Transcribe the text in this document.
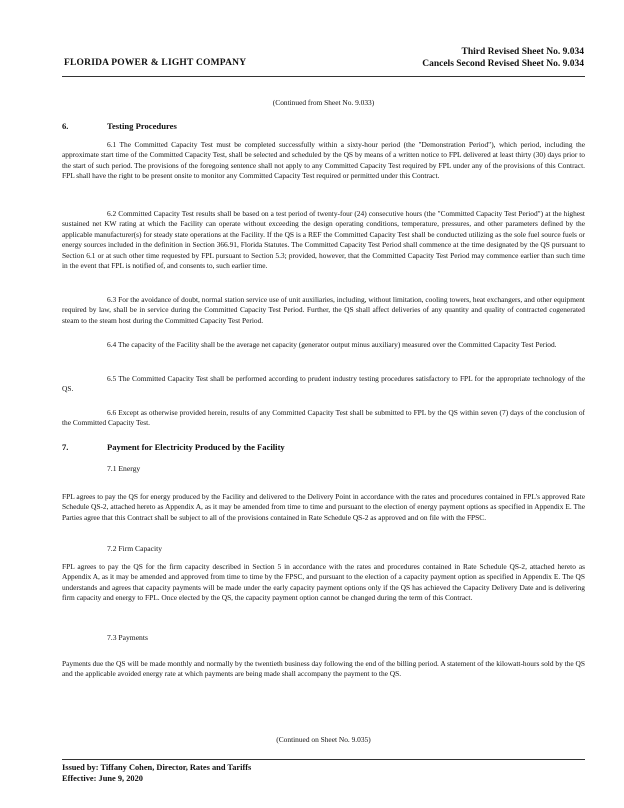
FLORIDA POWER & LIGHT COMPANY
Third Revised Sheet No. 9.034
Cancels Second Revised Sheet No. 9.034
(Continued from Sheet No. 9.033)
6.	Testing Procedures
6.1 The Committed Capacity Test must be completed successfully within a sixty-hour period (the "Demonstration Period"), which period, including the approximate start time of the Committed Capacity Test, shall be selected and scheduled by the QS by means of a written notice to FPL delivered at least thirty (30) days prior to the start of such period. The provisions of the foregoing sentence shall not apply to any Committed Capacity Test required by FPL under any of the provisions of this Contract. FPL shall have the right to be present onsite to monitor any Committed Capacity Test required or permitted under this Contract.
6.2 Committed Capacity Test results shall be based on a test period of twenty-four (24) consecutive hours (the "Committed Capacity Test Period") at the highest sustained net KW rating at which the Facility can operate without exceeding the design operating conditions, temperature, pressures, and other parameters defined by the applicable manufacturer(s) for steady state operations at the Facility. If the QS is a REF the Committed Capacity Test shall be conducted utilizing as the sole fuel source fuels or energy sources included in the definition in Section 366.91, Florida Statutes. The Committed Capacity Test Period shall commence at the time designated by the QS pursuant to Section 6.1 or at such other time requested by FPL pursuant to Section 5.3; provided, however, that the Committed Capacity Test Period may commence earlier than such time in the event that FPL is notified of, and consents to, such earlier time.
6.3 For the avoidance of doubt, normal station service use of unit auxiliaries, including, without limitation, cooling towers, heat exchangers, and other equipment required by law, shall be in service during the Committed Capacity Test Period. Further, the QS shall affect deliveries of any quantity and quality of contracted cogenerated steam to the steam host during the Committed Capacity Test Period.
6.4 The capacity of the Facility shall be the average net capacity (generator output minus auxiliary) measured over the Committed Capacity Test Period.
6.5 The Committed Capacity Test shall be performed according to prudent industry testing procedures satisfactory to FPL for the appropriate technology of the QS.
6.6 Except as otherwise provided herein, results of any Committed Capacity Test shall be submitted to FPL by the QS within seven (7) days of the conclusion of the Committed Capacity Test.
7.	Payment for Electricity Produced by the Facility
7.1 Energy
FPL agrees to pay the QS for energy produced by the Facility and delivered to the Delivery Point in accordance with the rates and procedures contained in FPL's approved Rate Schedule QS-2, attached hereto as Appendix A, as it may be amended from time to time and pursuant to the election of energy payment options as specified in Appendix E. The Parties agree that this Contract shall be subject to all of the provisions contained in Rate Schedule QS-2 as approved and on file with the FPSC.
7.2 Firm Capacity
FPL agrees to pay the QS for the firm capacity described in Section 5 in accordance with the rates and procedures contained in Rate Schedule QS-2, attached hereto as Appendix A, as it may be amended and approved from time to time by the FPSC, and pursuant to the election of a capacity payment option as specified in Appendix E. The QS understands and agrees that capacity payments will be made under the early capacity payment options only if the QS has achieved the Capacity Delivery Date and is delivering firm capacity and energy to FPL. Once elected by the QS, the capacity payment option cannot be changed during the term of this Contract.
7.3 Payments
Payments due the QS will be made monthly and normally by the twentieth business day following the end of the billing period. A statement of the kilowatt-hours sold by the QS and the applicable avoided energy rate at which payments are being made shall accompany the payment to the QS.
(Continued on Sheet No. 9.035)
Issued by: Tiffany Cohen, Director, Rates and Tariffs
Effective: June 9, 2020
